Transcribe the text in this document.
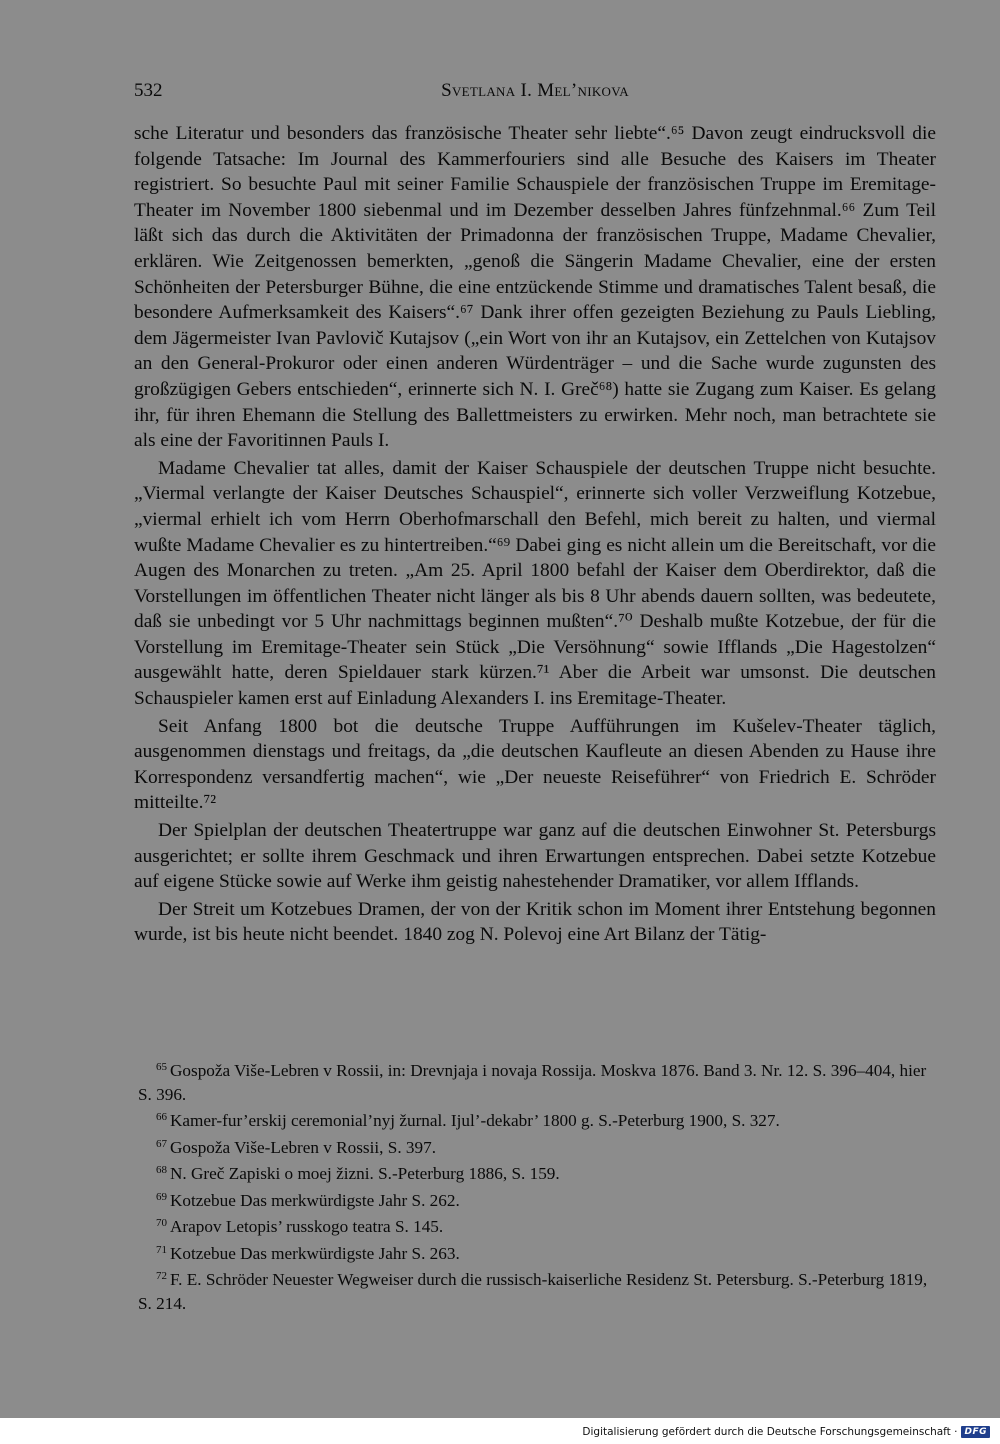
532	Svetlana I. Mel’nikova

sche Literatur und besonders das französische Theater sehr liebte“.⁶⁵ Davon zeugt eindrucksvoll die folgende Tatsache: Im Journal des Kammerfouriers sind alle Besuche des Kaisers im Theater registriert. So besuchte Paul mit seiner Familie Schauspiele der französischen Truppe im Eremitage-Theater im November 1800 siebenmal und im Dezember desselben Jahres fünfzehnmal.⁶⁶ Zum Teil läßt sich das durch die Aktivitäten der Primadonna der französischen Truppe, Madame Chevalier, erklären. Wie Zeitgenossen bemerkten, „genoß die Sängerin Madame Chevalier, eine der ersten Schönheiten der Petersburger Bühne, die eine entzückende Stimme und dramatisches Talent besaß, die besondere Aufmerksamkeit des Kaisers“.⁶⁷ Dank ihrer offen gezeigten Beziehung zu Pauls Liebling, dem Jägermeister Ivan Pavlovič Kutajsov („ein Wort von ihr an Kutajsov, ein Zettelchen von Kutajsov an den General-Prokuror oder einen anderen Würdenträger – und die Sache wurde zugunsten des großzügigen Gebers entschieden“, erinnerte sich N. I. Greč⁶⁸) hatte sie Zugang zum Kaiser. Es gelang ihr, für ihren Ehemann die Stellung des Ballettmeisters zu erwirken. Mehr noch, man betrachtete sie als eine der Favoritinnen Pauls I.

Madame Chevalier tat alles, damit der Kaiser Schauspiele der deutschen Truppe nicht besuchte. „Viermal verlangte der Kaiser Deutsches Schauspiel“, erinnerte sich voller Verzweiflung Kotzebue, „viermal erhielt ich vom Herrn Oberhofmarschall den Befehl, mich bereit zu halten, und viermal wußte Madame Chevalier es zu hintertreiben.“⁶⁹ Dabei ging es nicht allein um die Bereitschaft, vor die Augen des Monarchen zu treten. „Am 25. April 1800 befahl der Kaiser dem Oberdirektor, daß die Vorstellungen im öffentlichen Theater nicht länger als bis 8 Uhr abends dauern sollten, was bedeutete, daß sie unbedingt vor 5 Uhr nachmittags beginnen mußten“.⁷⁰ Deshalb mußte Kotzebue, der für die Vorstellung im Eremitage-Theater sein Stück „Die Versöhnung“ sowie Ifflands „Die Hagestolzen“ ausgewählt hatte, deren Spieldauer stark kürzen.⁷¹ Aber die Arbeit war umsonst. Die deutschen Schauspieler kamen erst auf Einladung Alexanders I. ins Eremitage-Theater.

Seit Anfang 1800 bot die deutsche Truppe Aufführungen im Kušelev-Theater täglich, ausgenommen dienstags und freitags, da „die deutschen Kaufleute an diesen Abenden zu Hause ihre Korrespondenz versandfertig machen“, wie „Der neueste Reiseführer“ von Friedrich E. Schröder mitteilte.⁷²

Der Spielplan der deutschen Theatertruppe war ganz auf die deutschen Einwohner St. Petersburgs ausgerichtet; er sollte ihrem Geschmack und ihren Erwartungen entsprechen. Dabei setzte Kotzebue auf eigene Stücke sowie auf Werke ihm geistig nahestehender Dramatiker, vor allem Ifflands.

Der Streit um Kotzebues Dramen, der von der Kritik schon im Moment ihrer Entstehung begonnen wurde, ist bis heute nicht beendet. 1840 zog N. Polevoj eine Art Bilanz der Tätig-

$^{65}$ Gospoža Više-Lebren v Rossii, in: Drevnjaja i novaja Rossija. Moskva 1876. Band 3. Nr. 12. S. 396–404, hier S. 396.

$^{66}$ Kamer-fur’erskij ceremonial’nyj žurnal. Ijul’-dekabr’ 1800 g. S.-Peterburg 1900, S. 327.

$^{67}$ Gospoža Više-Lebren v Rossii, S. 397.

$^{68}$ N. Greč Zapiski o moej žizni. S.-Peterburg 1886, S. 159.

$^{69}$ Kotzebue Das merkwürdigste Jahr S. 262.

$^{70}$ Arapov Letopis’ russkogo teatra S. 145.

$^{71}$ Kotzebue Das merkwürdigste Jahr S. 263.

$^{72}$ F. E. Schröder Neuester Wegweiser durch die russisch-kaiserliche Residenz St. Petersburg. S.-Peterburg 1819, S. 214.

Digitalisierung gefördert durch die Deutsche Forschungsgemeinschaft · DFG
